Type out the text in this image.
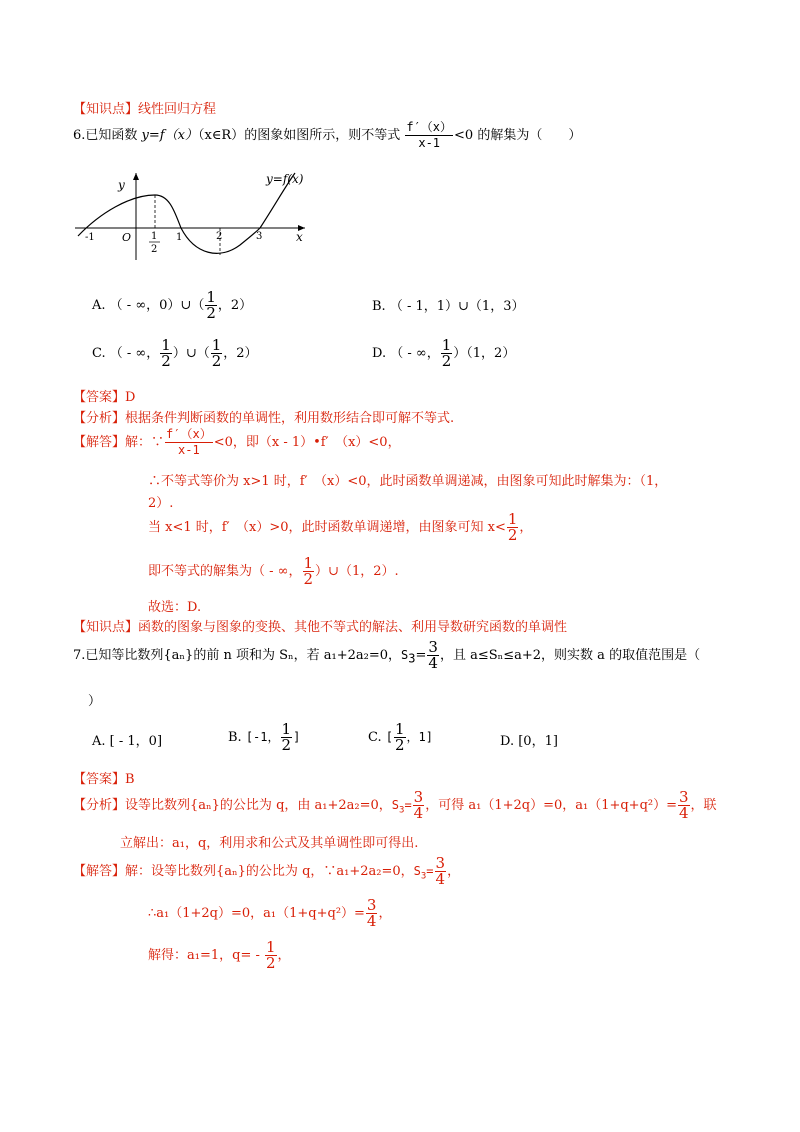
【知识点】线性回归方程
6.已知函数 y=f（x）（x∈R）的图象如图所示，则不等式 $\frac{f'(x)}{x-1} <0$ 的解集为（　　）
y
x
O
y=f(x)
-1	1
2
1	2	3
A. （ - ∞，0）∪（ $\frac{1}{2}$ ，2）	B. （ - 1，1）∪（1，3）
C. （ - ∞， $\frac{1}{2}$ ）∪（ $\frac{1}{2}$ ，2）	D. （ - ∞， $\frac{1}{2} )(1$，2）
【答案】D
【分析】根据条件判断函数的单调性，利用数形结合即可解不等式.
【解答】解：∵ $\frac{f'(x)}{x-1} <0$，即（x - 1）•f′　（x）<0，
∴不等式等价为 x>1 时，f′　（x）<0，此时函数单调递减，由图象可知此时解集为：（1，
2）.
当 x<1 时，f′　（x）>0，此时函数单调递增，由图象可知 $x< \frac{1}{2}$ ，
即不等式的解集为（ - ∞， $\frac{1}{2}$ ）∪（1，2）.
故选：D.
【知识点】函数的图象与图象的变换、其他不等式的解法、利用导数研究函数的单调性
7.已知等比数列{aₙ}的前 n 项和为 Sₙ，若 a₁+2a₂=0，$S_3= \frac{3}{4}$ ，且 a≤Sₙ≤a+2，则实数 a 的取值范围是（
）
A. [ - 1，0]	B. [-1， $\frac{1}{2}$ ]	C. [ $\frac{1}{2}$ ，1]	D. [0，1]
【答案】B
【分析】设等比数列{aₙ}的公比为 q，由 a₁+2a₂=0，$S_3= \frac{3}{4}$ ，可得 a₁（1+2q）=0，$a_1(1+q+q^2)= \frac{3}{4}$ ，联
立解出：a₁，q，利用求和公式及其单调性即可得出.
【解答】解：设等比数列{aₙ}的公比为 q，∵a₁+2a₂=0，$S_3= \frac{3}{4}$ ，
∴a₁（1+2q）=0，$a_1(1+q+q^2)= \frac{3}{4}$ ，
解得：a₁=1，$q= - \frac{1}{2}$ ，
